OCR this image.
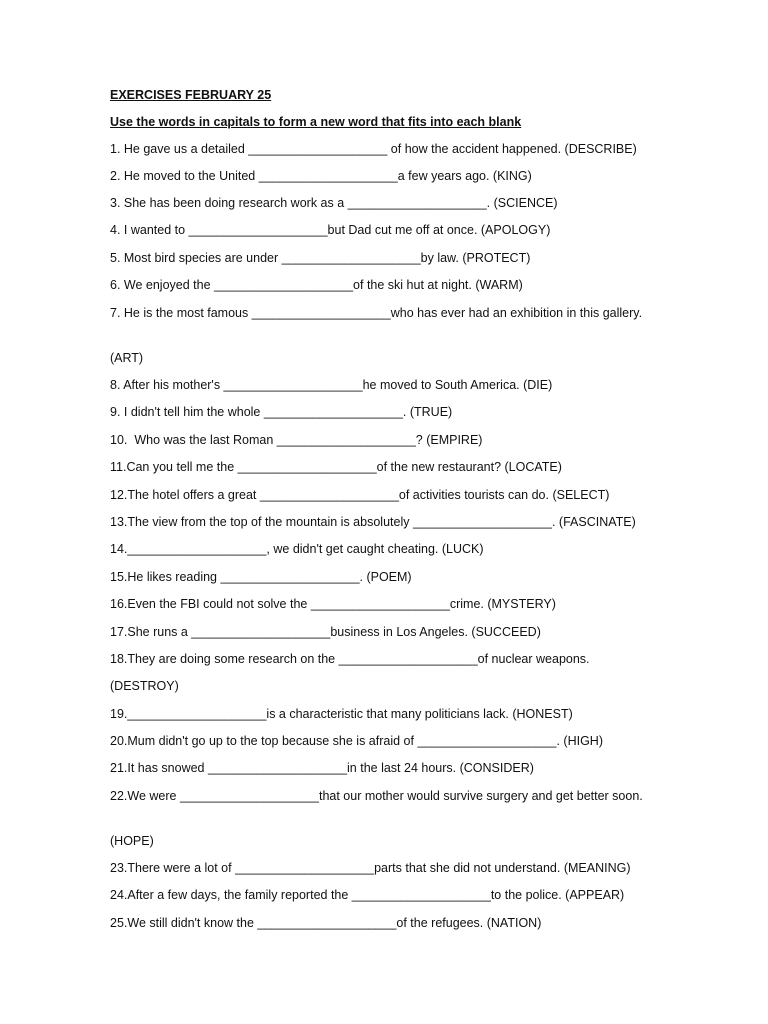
EXERCISES FEBRUARY 25
Use the words in capitals to form a new word that fits into each blank
1. He gave us a detailed ____________________ of how the accident happened. (DESCRIBE)
2. He moved to the United ____________________a few years ago. (KING)
3. She has been doing research work as a ____________________. (SCIENCE)
4. I wanted to ____________________but Dad cut me off at once. (APOLOGY)
5. Most bird species are under ____________________by law. (PROTECT)
6. We enjoyed the ____________________of the ski hut at night. (WARM)
7. He is the most famous ____________________who has ever had an exhibition in this gallery.
(ART)
8. After his mother's ____________________he moved to South America. (DIE)
9. I didn't tell him the whole ____________________. (TRUE)
10.  Who was the last Roman ____________________? (EMPIRE)
11.Can you tell me the ____________________of the new restaurant? (LOCATE)
12.The hotel offers a great ____________________of activities tourists can do. (SELECT)
13.The view from the top of the mountain is absolutely ____________________. (FASCINATE)
14.____________________, we didn't get caught cheating. (LUCK)
15.He likes reading ____________________. (POEM)
16.Even the FBI could not solve the ____________________crime. (MYSTERY)
17.She runs a ____________________business in Los Angeles. (SUCCEED)
18.They are doing some research on the ____________________of nuclear weapons.
(DESTROY)
19.____________________is a characteristic that many politicians lack. (HONEST)
20.Mum didn't go up to the top because she is afraid of ____________________. (HIGH)
21.It has snowed ____________________in the last 24 hours. (CONSIDER)
22.We were ____________________that our mother would survive surgery and get better soon.
(HOPE)
23.There were a lot of ____________________parts that she did not understand. (MEANING)
24.After a few days, the family reported the ____________________to the police. (APPEAR)
25.We still didn't know the ____________________of the refugees. (NATION)
